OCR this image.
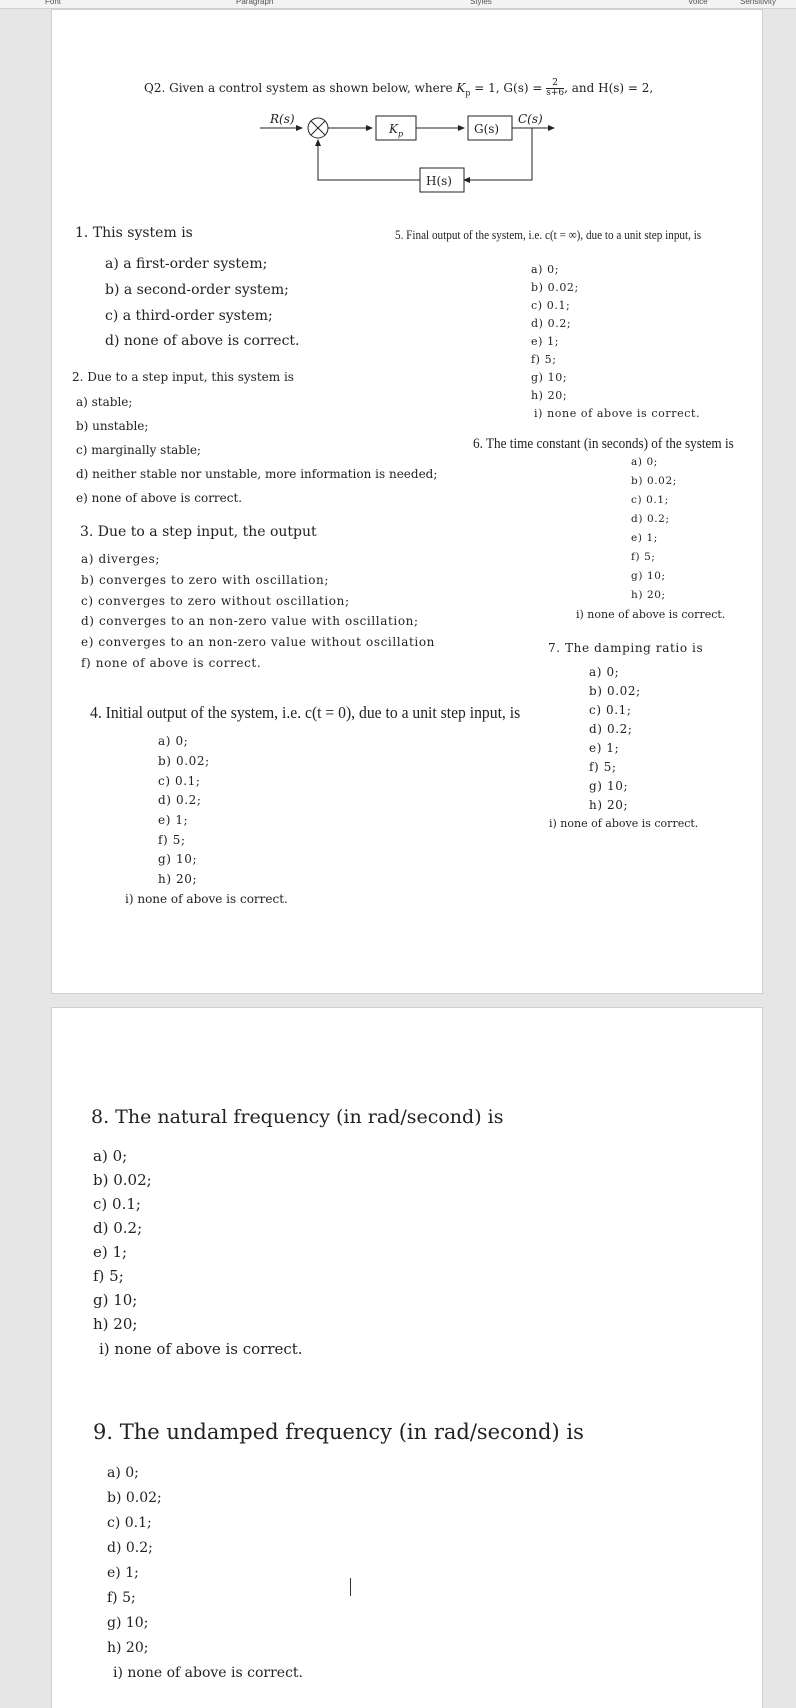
Font	Paragraph	Styles	Voice	Sensitivity
Q2. Given a control system as shown below, where $K_p = 1$, $G(s) = \frac{2}{s+6}$, and H(s) = 2,
R(s)	C(s)
$K_p$	G(s)
H(s)
1. This system is
a) a first-order system;
b) a second-order system;
c) a third-order system;
d) none of above is correct.
2. Due to a step input, this system is
a) stable;
b) unstable;
c) marginally stable;
d) neither stable nor unstable, more information is needed;
e) none of above is correct.
3. Due to a step input, the output
a) diverges;
b) converges to zero with oscillation;
c) converges to zero without oscillation;
d) converges to an non-zero value with oscillation;
e) converges to an non-zero value without oscillation
f) none of above is correct.
4. Initial output of the system, i.e. c(t = 0), due to a unit step input, is
a) 0;
b) 0.02;
c) 0.1;
d) 0.2;
e) 1;
f) 5;
g) 10;
h) 20;
i) none of above is correct.
5. Final output of the system, i.e. c(t = ∞), due to a unit step input, is
a) 0;
b) 0.02;
c) 0.1;
d) 0.2;
e) 1;
f) 5;
g) 10;
h) 20;
i) none of above is correct.
6. The time constant (in seconds) of the system is
a) 0;
b) 0.02;
c) 0.1;
d) 0.2;
e) 1;
f) 5;
g) 10;
h) 20;
i) none of above is correct.
7. The damping ratio is
a) 0;
b) 0.02;
c) 0.1;
d) 0.2;
e) 1;
f) 5;
g) 10;
h) 20;
i) none of above is correct.
8. The natural frequency (in rad/second) is
a) 0;
b) 0.02;
c) 0.1;
d) 0.2;
e) 1;
f) 5;
g) 10;
h) 20;
i) none of above is correct.
9. The undamped frequency (in rad/second) is
a) 0;
b) 0.02;
c) 0.1;
d) 0.2;
e) 1;
f) 5;
g) 10;
h) 20;
i) none of above is correct.
